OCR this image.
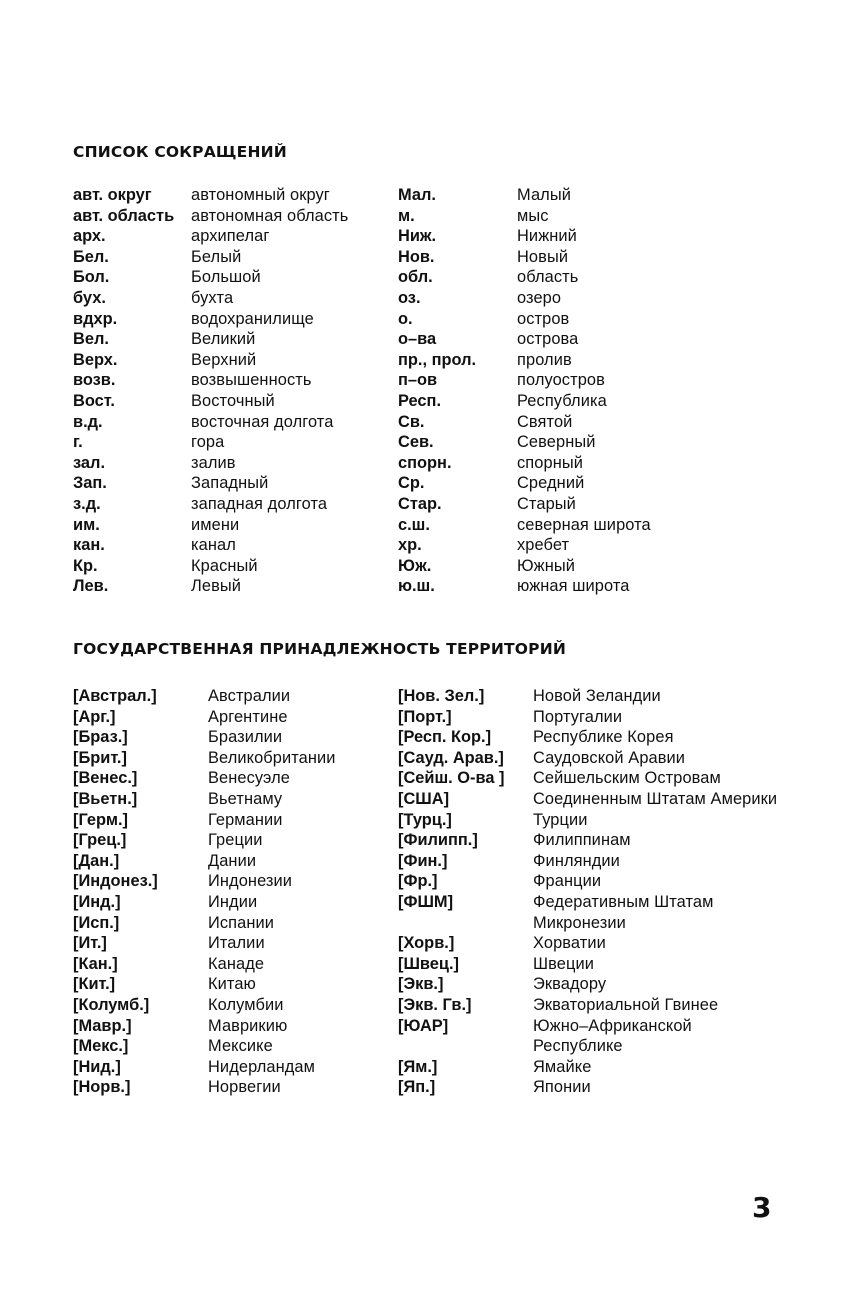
СПИСОК СОКРАЩЕНИЙ
авт. округ
авт. область
арх.
Бел.
Бол.
бух.
вдхр.
Вел.
Верх.
возв.
Вост.
в.д.
г.
зал.
Зап.
з.д.
им.
кан.
Кр.
Лев.
автономный округ
автономная область
архипелаг
Белый
Большой
бухта
водохранилище
Великий
Верхний
возвышенность
Восточный
восточная долгота
гора
залив
Западный
западная долгота
имени
канал
Красный
Левый
Мал.
м.
Ниж.
Нов.
обл.
оз.
о.
о–ва
пр., прол.
п–ов
Респ.
Св.
Сев.
спорн.
Ср.
Стар.
с.ш.
хр.
Юж.
ю.ш.
Малый
мыс
Нижний
Новый
область
озеро
остров
острова
пролив
полуостров
Республика
Святой
Северный
спорный
Средний
Старый
северная широта
хребет
Южный
южная широта
ГОСУДАРСТВЕННАЯ ПРИНАДЛЕЖНОСТЬ ТЕРРИТОРИЙ
[Австрал.]
[Арг.]
[Браз.]
[Брит.]
[Венес.]
[Вьетн.]
[Герм.]
[Грец.]
[Дан.]
[Индонез.]
[Инд.]
[Исп.]
[Ит.]
[Кан.]
[Кит.]
[Колумб.]
[Мавр.]
[Мекс.]
[Нид.]
[Норв.]
Австралии
Аргентине
Бразилии
Великобритании
Венесуэле
Вьетнаму
Германии
Греции
Дании
Индонезии
Индии
Испании
Италии
Канаде
Китаю
Колумбии
Маврикию
Мексике
Нидерландам
Норвегии
[Нов. Зел.]
[Порт.]
[Респ. Кор.]
[Сауд. Арав.]
[Сейш. О-ва ]
[США]
[Турц.]
[Филипп.]
[Фин.]
[Фр.]
[ФШМ]
[Хорв.]
[Швец.]
[Экв.]
[Экв. Гв.]
[ЮАР]
[Ям.]
[Яп.]
Новой Зеландии
Португалии
Республике Корея
Саудовской Аравии
Сейшельским Островам
Соединенным Штатам Америки
Турции
Филиппинам
Финляндии
Франции
Федеративным Штатам
Микронезии
Хорватии
Швеции
Эквадору
Экваториальной Гвинее
Южно–Африканской
Республике
Ямайке
Японии
3
